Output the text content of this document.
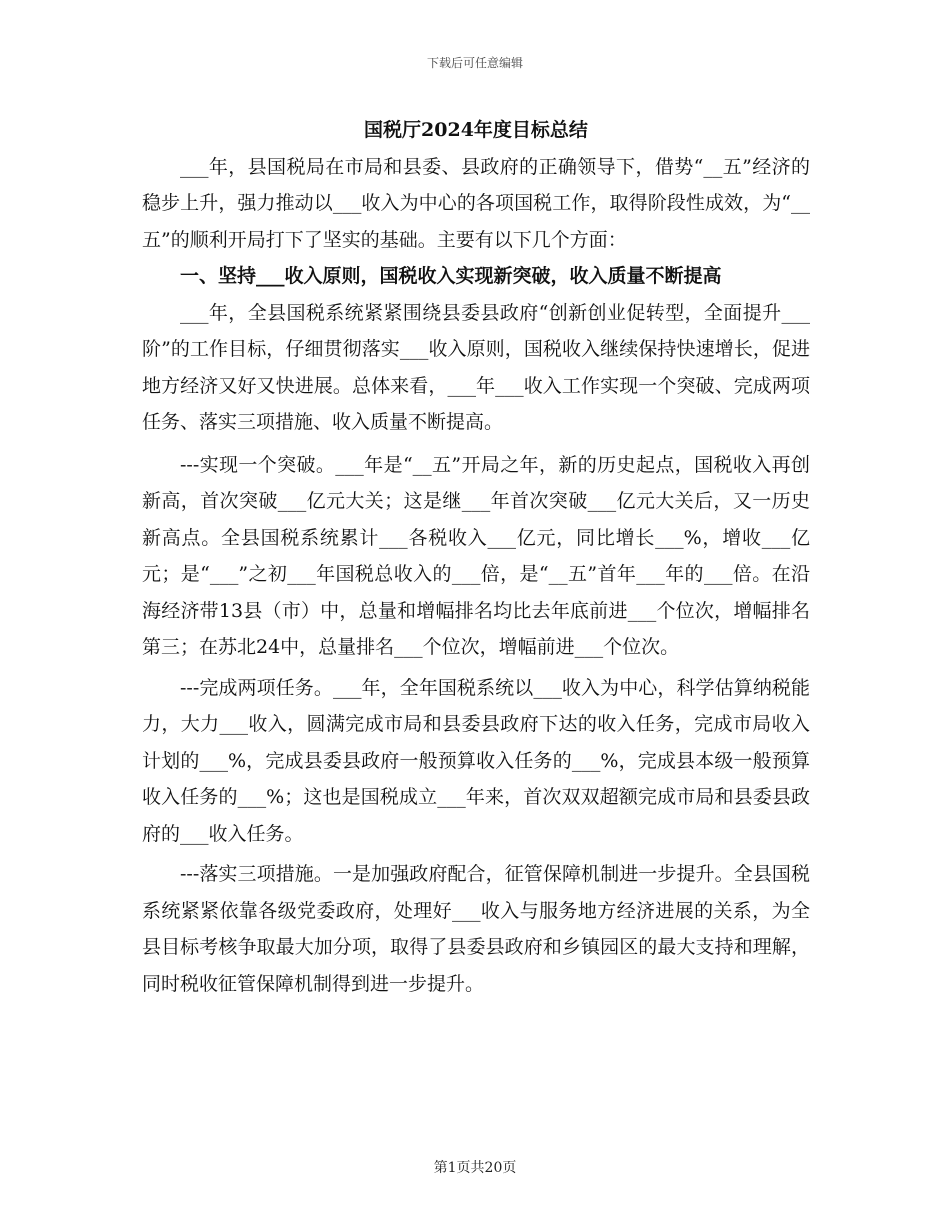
下载后可任意编辑
国税厅2024年度目标总结

___年，县国税局在市局和县委、县政府的正确领导下，借势“__五”经济的稳步上升，强力推动以___收入为中心的各项国税工作，取得阶段性成效，为“__五”的顺利开局打下了坚实的基础。主要有以下几个方面：

一、坚持___收入原则，国税收入实现新突破，收入质量不断提高

___年，全县国税系统紧紧围绕县委县政府“创新创业促转型，全面提升___阶”的工作目标，仔细贯彻落实___收入原则，国税收入继续保持快速增长，促进地方经济又好又快进展。总体来看，___年___收入工作实现一个突破、完成两项任务、落实三项措施、收入质量不断提高。

---实现一个突破。___年是“__五”开局之年，新的历史起点，国税收入再创新高，首次突破___亿元大关；这是继___年首次突破___亿元大关后，又一历史新高点。全县国税系统累计___各税收入___亿元，同比增长___%，增收___亿元；是“___”之初___年国税总收入的___倍，是“__五”首年___年的___倍。在沿海经济带13县（市）中，总量和增幅排名均比去年底前进___个位次，增幅排名第三；在苏北24中，总量排名___个位次，增幅前进___个位次。

---完成两项任务。___年，全年国税系统以___收入为中心，科学估算纳税能力，大力___收入，圆满完成市局和县委县政府下达的收入任务，完成市局收入计划的___%，完成县委县政府一般预算收入任务的___%，完成县本级一般预算收入任务的___%；这也是国税成立___年来，首次双双超额完成市局和县委县政府的___收入任务。

---落实三项措施。一是加强政府配合，征管保障机制进一步提升。全县国税系统紧紧依靠各级党委政府，处理好___收入与服务地方经济进展的关系，为全县目标考核争取最大加分项，取得了县委县政府和乡镇园区的最大支持和理解，同时税收征管保障机制得到进一步提升。

第1页共20页
